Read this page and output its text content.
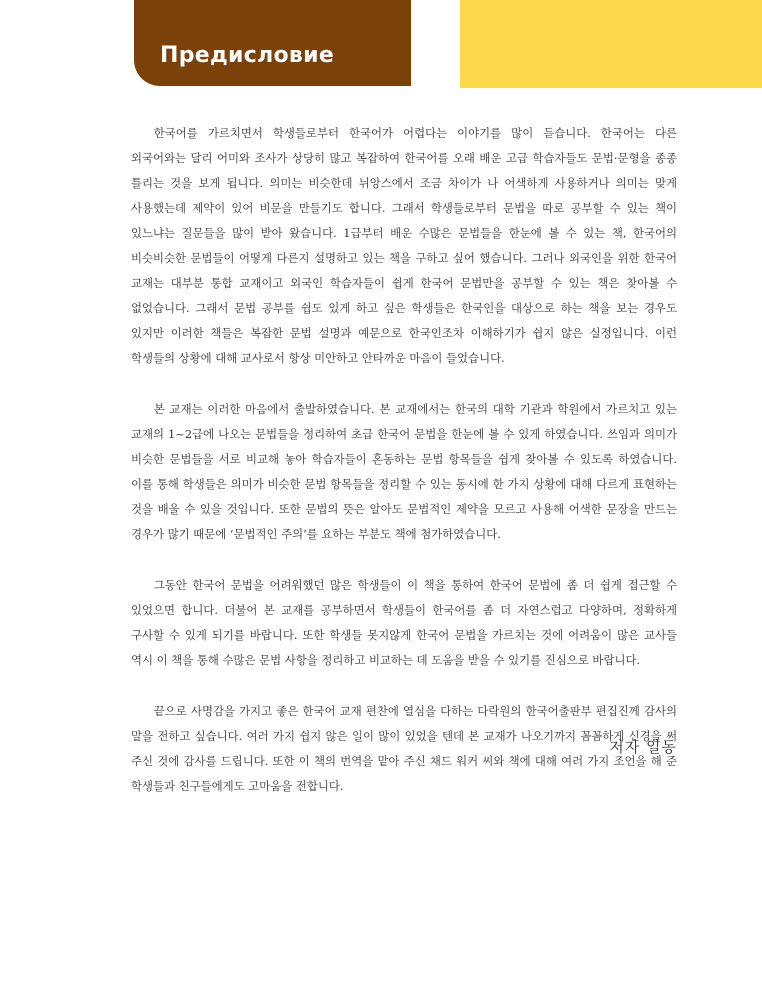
Предисловие

한국어를 가르치면서 학생들로부터 한국어가 어렵다는 이야기를 많이 듣습니다. 한국어는 다른 외국어와는 달리 어미와 조사가 상당히 많고 복잡하여 한국어를 오래 배운 고급 학습자들도 문법·문형을 종종 틀리는 것을 보게 됩니다. 의미는 비슷한데 뉘앙스에서 조금 차이가 나 어색하게 사용하거나 의미는 맞게 사용했는데 제약이 있어 비문을 만들기도 합니다. 그래서 학생들로부터 문법을 따로 공부할 수 있는 책이 있느냐는 질문들을 많이 받아 왔습니다. 1급부터 배운 수많은 문법들을 한눈에 볼 수 있는 책, 한국어의 비슷비슷한 문법들이 어떻게 다른지 설명하고 있는 책을 구하고 싶어 했습니다. 그러나 외국인을 위한 한국어 교재는 대부분 통합 교재이고 외국인 학습자들이 쉽게 한국어 문법만을 공부할 수 있는 책은 찾아볼 수 없었습니다. 그래서 문법 공부를 쉽도 있게 하고 싶은 학생들은 한국인을 대상으로 하는 책을 보는 경우도 있지만 이러한 책들은 복잡한 문법 설명과 예문으로 한국인조차 이해하기가 쉽지 않은 실정입니다. 이런 학생들의 상황에 대해 교사로서 항상 미안하고 안타까운 마음이 들었습니다.

본 교재는 이러한 마음에서 출발하였습니다. 본 교재에서는 한국의 대학 기관과 학원에서 가르치고 있는 교재의 1~2급에 나오는 문법들을 정리하여 초급 한국어 문법을 한눈에 볼 수 있게 하였습니다. 쓰임과 의미가 비슷한 문법들을 서로 비교해 놓아 학습자들이 혼동하는 문법 항목들을 쉽게 찾아볼 수 있도록 하였습니다. 이를 통해 학생들은 의미가 비슷한 문법 항목들을 정리할 수 있는 동시에 한 가지 상황에 대해 다르게 표현하는 것을 배울 수 있을 것입니다. 또한 문법의 뜻은 알아도 문법적인 제약을 모르고 사용해 어색한 문장을 만드는 경우가 많기 때문에 ‘문법적인 주의’를 요하는 부분도 책에 첨가하였습니다.

그동안 한국어 문법을 어려워했던 많은 학생들이 이 책을 통하여 한국어 문법에 좀 더 쉽게 접근할 수 있었으면 합니다. 더불어 본 교재를 공부하면서 학생들이 한국어를 좀 더 자연스럽고 다양하며, 정확하게 구사할 수 있게 되기를 바랍니다. 또한 학생들 못지않게 한국어 문법을 가르치는 것에 어려움이 많은 교사들 역시 이 책을 통해 수많은 문법 사항을 정리하고 비교하는 데 도움을 받을 수 있기를 진심으로 바랍니다.

끝으로 사명감을 가지고 좋은 한국어 교재 편찬에 열심을 다하는 다락원의 한국어출판부 편집진께 감사의 말을 전하고 싶습니다. 여러 가지 쉽지 않은 일이 많이 있었을 텐데 본 교재가 나오기까지 꼼꼼하게 신경을 써 주신 것에 감사를 드립니다. 또한 이 책의 번역을 맡아 주신 채드 워커 씨와 책에 대해 여러 가지 조언을 해 준 학생들과 친구들에게도 고마움을 전합니다.

저자 일동
